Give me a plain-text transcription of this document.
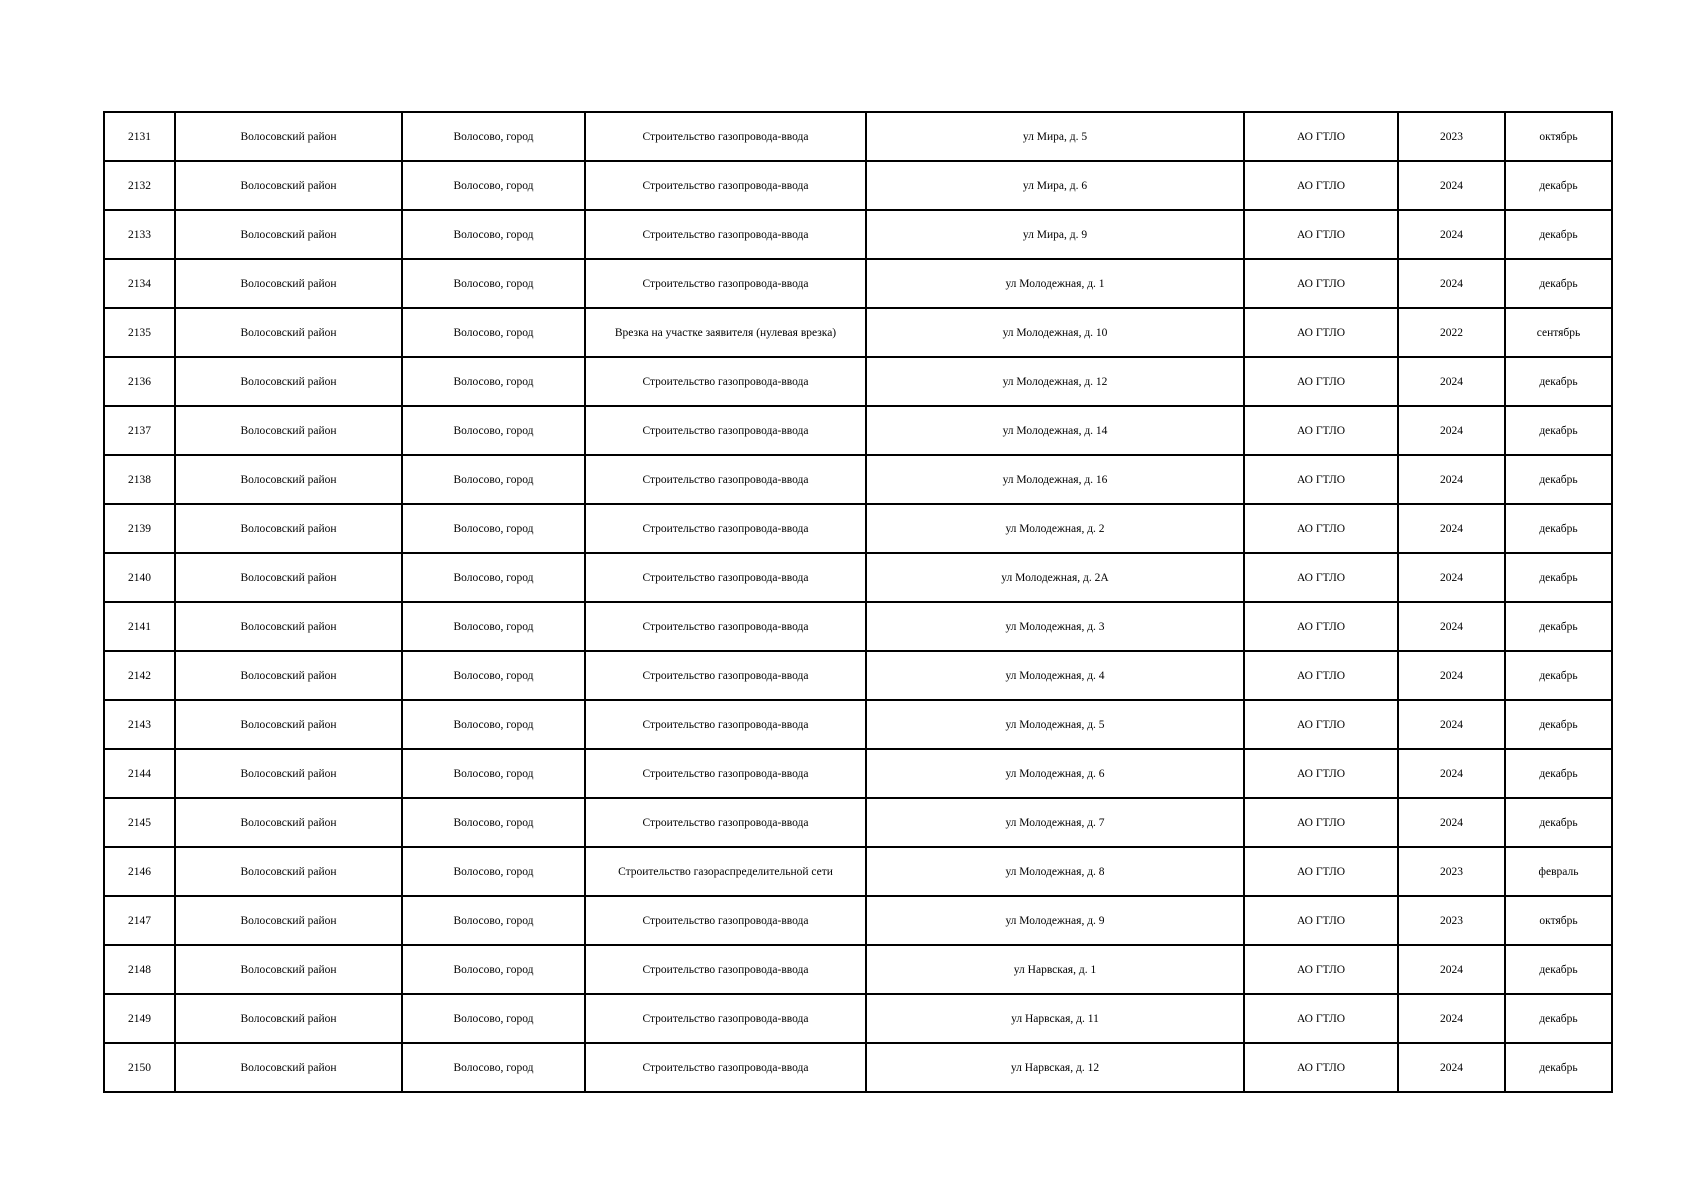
2131	Волосовский район	Волосово, город	Строительство газопровода-ввода	ул Мира, д. 5	АО ГТЛО	2023	октябрь
2132	Волосовский район	Волосово, город	Строительство газопровода-ввода	ул Мира, д. 6	АО ГТЛО	2024	декабрь
2133	Волосовский район	Волосово, город	Строительство газопровода-ввода	ул Мира, д. 9	АО ГТЛО	2024	декабрь
2134	Волосовский район	Волосово, город	Строительство газопровода-ввода	ул Молодежная, д. 1	АО ГТЛО	2024	декабрь
2135	Волосовский район	Волосово, город	Врезка на участке заявителя (нулевая врезка)	ул Молодежная, д. 10	АО ГТЛО	2022	сентябрь
2136	Волосовский район	Волосово, город	Строительство газопровода-ввода	ул Молодежная, д. 12	АО ГТЛО	2024	декабрь
2137	Волосовский район	Волосово, город	Строительство газопровода-ввода	ул Молодежная, д. 14	АО ГТЛО	2024	декабрь
2138	Волосовский район	Волосово, город	Строительство газопровода-ввода	ул Молодежная, д. 16	АО ГТЛО	2024	декабрь
2139	Волосовский район	Волосово, город	Строительство газопровода-ввода	ул Молодежная, д. 2	АО ГТЛО	2024	декабрь
2140	Волосовский район	Волосово, город	Строительство газопровода-ввода	ул Молодежная, д. 2А	АО ГТЛО	2024	декабрь
2141	Волосовский район	Волосово, город	Строительство газопровода-ввода	ул Молодежная, д. 3	АО ГТЛО	2024	декабрь
2142	Волосовский район	Волосово, город	Строительство газопровода-ввода	ул Молодежная, д. 4	АО ГТЛО	2024	декабрь
2143	Волосовский район	Волосово, город	Строительство газопровода-ввода	ул Молодежная, д. 5	АО ГТЛО	2024	декабрь
2144	Волосовский район	Волосово, город	Строительство газопровода-ввода	ул Молодежная, д. 6	АО ГТЛО	2024	декабрь
2145	Волосовский район	Волосово, город	Строительство газопровода-ввода	ул Молодежная, д. 7	АО ГТЛО	2024	декабрь
2146	Волосовский район	Волосово, город	Строительство газораспределительной сети	ул Молодежная, д. 8	АО ГТЛО	2023	февраль
2147	Волосовский район	Волосово, город	Строительство газопровода-ввода	ул Молодежная, д. 9	АО ГТЛО	2023	октябрь
2148	Волосовский район	Волосово, город	Строительство газопровода-ввода	ул Нарвская, д. 1	АО ГТЛО	2024	декабрь
2149	Волосовский район	Волосово, город	Строительство газопровода-ввода	ул Нарвская, д. 11	АО ГТЛО	2024	декабрь
2150	Волосовский район	Волосово, город	Строительство газопровода-ввода	ул Нарвская, д. 12	АО ГТЛО	2024	декабрь
